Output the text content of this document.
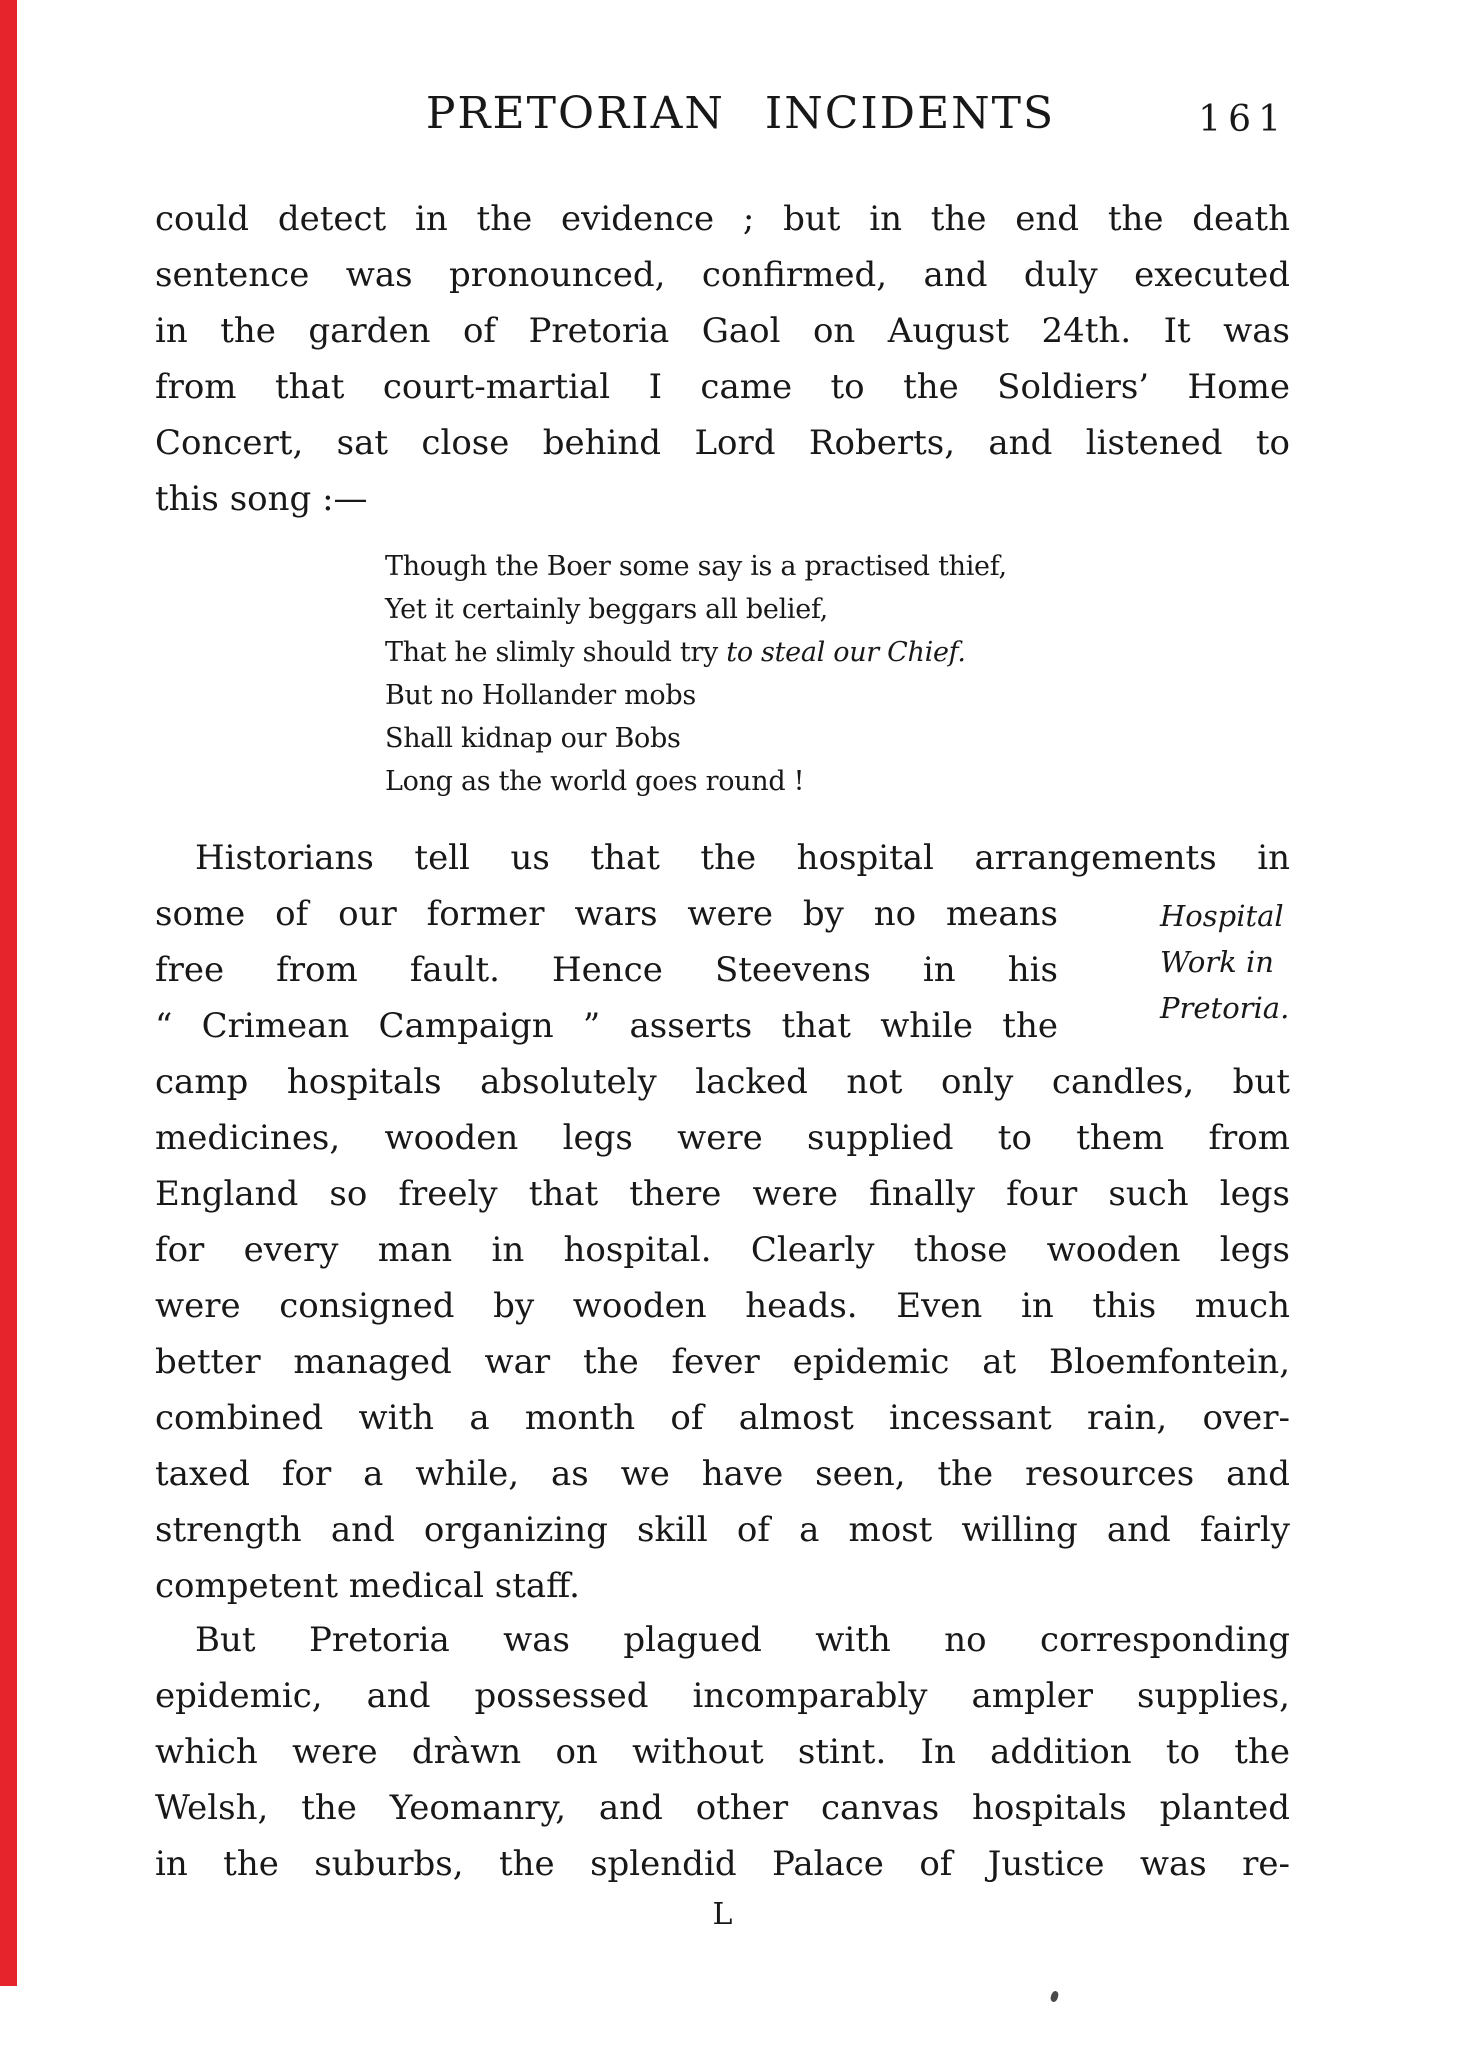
PRETORIAN INCIDENTS	161
could detect in the evidence ; but in the end the death
sentence was pronounced, confirmed, and duly executed
in the garden of Pretoria Gaol on August 24th. It was
from that court-martial I came to the Soldiers’ Home
Concert, sat close behind Lord Roberts, and listened to
this song :—
Though the Boer some say is a practised thief,
Yet it certainly beggars all belief,
That he slimly should try to steal our Chief.
But no Hollander mobs
Shall kidnap our Bobs
Long as the world goes round !
Hospital
Work in
Pretoria.
Historians tell us that the hospital arrangements in
some of our former wars were by no means
free from fault. Hence Steevens in his
“ Crimean Campaign ” asserts that while the
camp hospitals absolutely lacked not only candles, but
medicines, wooden legs were supplied to them from
England so freely that there were finally four such legs
for every man in hospital. Clearly those wooden legs
were consigned by wooden heads. Even in this much
better managed war the fever epidemic at Bloemfontein,
combined with a month of almost incessant rain, over-
taxed for a while, as we have seen, the resources and
strength and organizing skill of a most willing and fairly
competent medical staff.
But Pretoria was plagued with no corresponding
epidemic, and possessed incomparably ampler supplies,
which were dràwn on without stint. In addition to the
Welsh, the Yeomanry, and other canvas hospitals planted
in the suburbs, the splendid Palace of Justice was re-
L
